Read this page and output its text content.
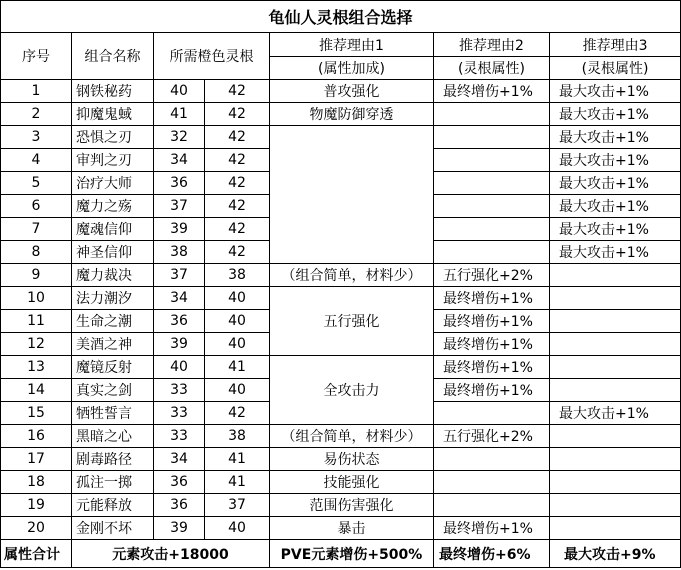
龟仙人灵根组合选择						
序号	组合名称	所需橙色灵根		推荐理由1	推荐理由2	推荐理由3
				(属性加成)	(灵根属性)	(灵根属性)
1	钢铁秘药	40	42	普攻强化	最终增伤+1%	最大攻击+1%
2	抑魔鬼蜮	41	42	物魔防御穿透		最大攻击+1%
3	恐惧之刃	32	42			最大攻击+1%
4	审判之刃	34	42			最大攻击+1%
5	治疗大师	36	42			最大攻击+1%
6	魔力之殇	37	42			最大攻击+1%
7	魔魂信仰	39	42			最大攻击+1%
8	神圣信仰	38	42			最大攻击+1%
9	魔力裁决	37	38	（组合简单，材料少）	五行强化+2%	
10	法力潮汐	34	40	五行强化	最终增伤+1%	
11	生命之潮	36	40		最终增伤+1%	
12	美酒之神	39	40		最终增伤+1%	
13	魔镜反射	40	41	全攻击力	最终增伤+1%	
14	真实之剑	33	40		最终增伤+1%	
15	牺牲誓言	33	42			最大攻击+1%
16	黑暗之心	33	38	（组合简单，材料少）	五行强化+2%	
17	剧毒路径	34	41	易伤状态		
18	孤注一掷	36	41	技能强化		
19	元能释放	36	37	范围伤害强化		
20	金刚不坏	39	40	暴击	最终增伤+1%	
属性合计	元素攻击+18000			PVE元素增伤+500%	最终增伤+6%	最大攻击+9%
